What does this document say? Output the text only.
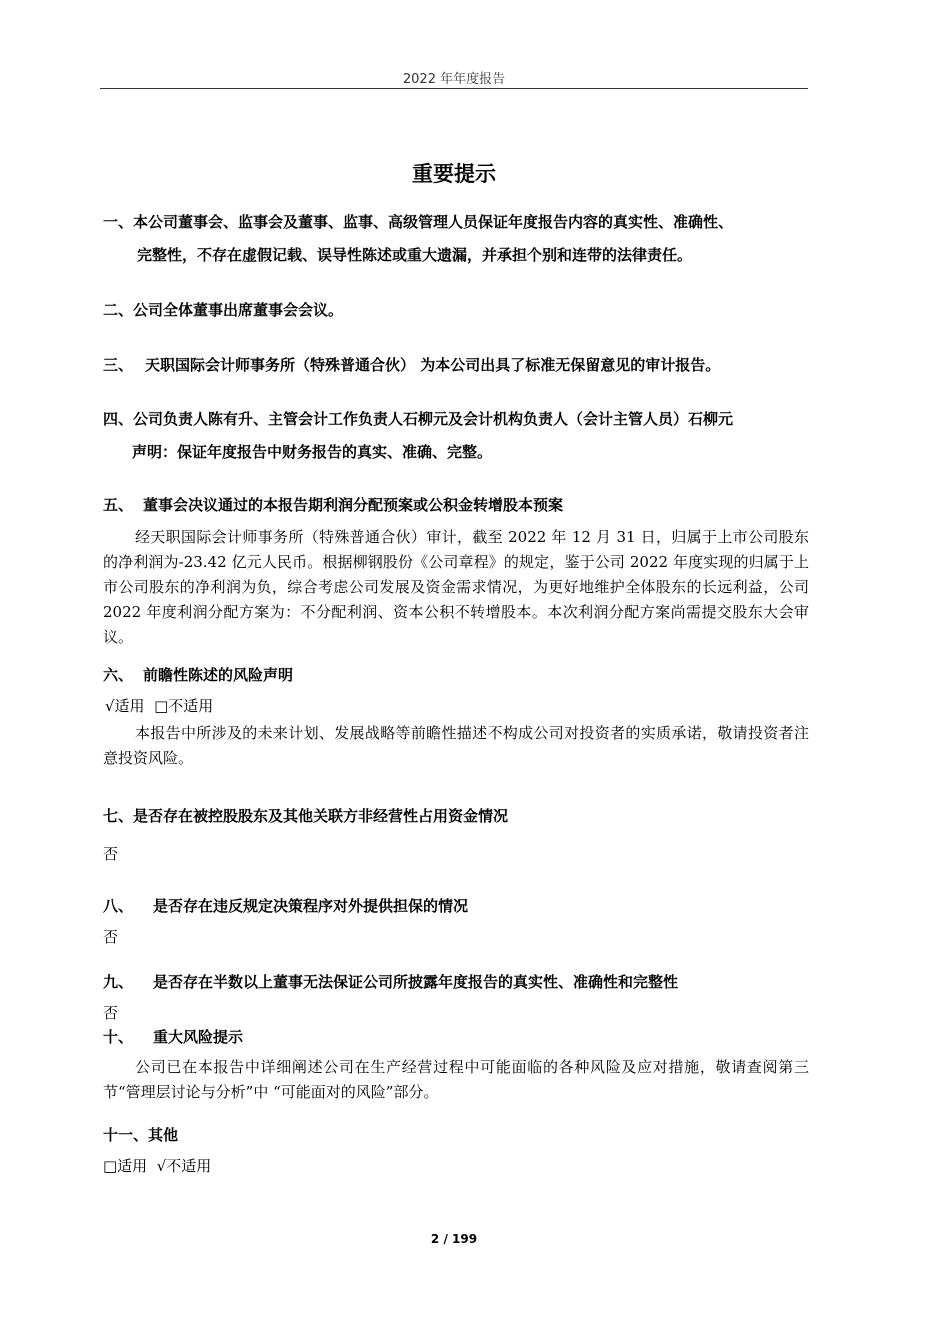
2022 年年度报告
重要提示
一、本公司董事会、监事会及董事、监事、高级管理人员保证年度报告内容的真实性、准确性、
完整性，不存在虚假记载、误导性陈述或重大遗漏，并承担个别和连带的法律责任。
二、公司全体董事出席董事会会议。
三、 天职国际会计师事务所（特殊普通合伙） 为本公司出具了标准无保留意见的审计报告。
四、公司负责人陈有升、主管会计工作负责人石柳元及会计机构负责人（会计主管人员）石柳元
声明：保证年度报告中财务报告的真实、准确、完整。
五、 董事会决议通过的本报告期利润分配预案或公积金转增股本预案
经天职国际会计师事务所（特殊普通合伙）审计，截至 2022 年 12 月 31 日，归属于上市公司股东的净利润为-23.42 亿元人民币。根据柳钢股份《公司章程》的规定，鉴于公司 2022 年度实现的归属于上市公司股东的净利润为负，综合考虑公司发展及资金需求情况，为更好地维护全体股东的长远利益，公司 2022 年度利润分配方案为：不分配利润、资本公积不转增股本。本次利润分配方案尚需提交股东大会审议。
六、 前瞻性陈述的风险声明
√适用  □不适用
本报告中所涉及的未来计划、发展战略等前瞻性描述不构成公司对投资者的实质承诺，敬请投资者注意投资风险。
七、是否存在被控股股东及其他关联方非经营性占用资金情况
否
八、 是否存在违反规定决策程序对外提供担保的情况
否
九、 是否存在半数以上董事无法保证公司所披露年度报告的真实性、准确性和完整性
否
十、 重大风险提示
公司已在本报告中详细阐述公司在生产经营过程中可能面临的各种风险及应对措施，敬请查阅第三节“管理层讨论与分析”中 “可能面对的风险”部分。
十一、其他
□适用  √不适用
2 / 199
